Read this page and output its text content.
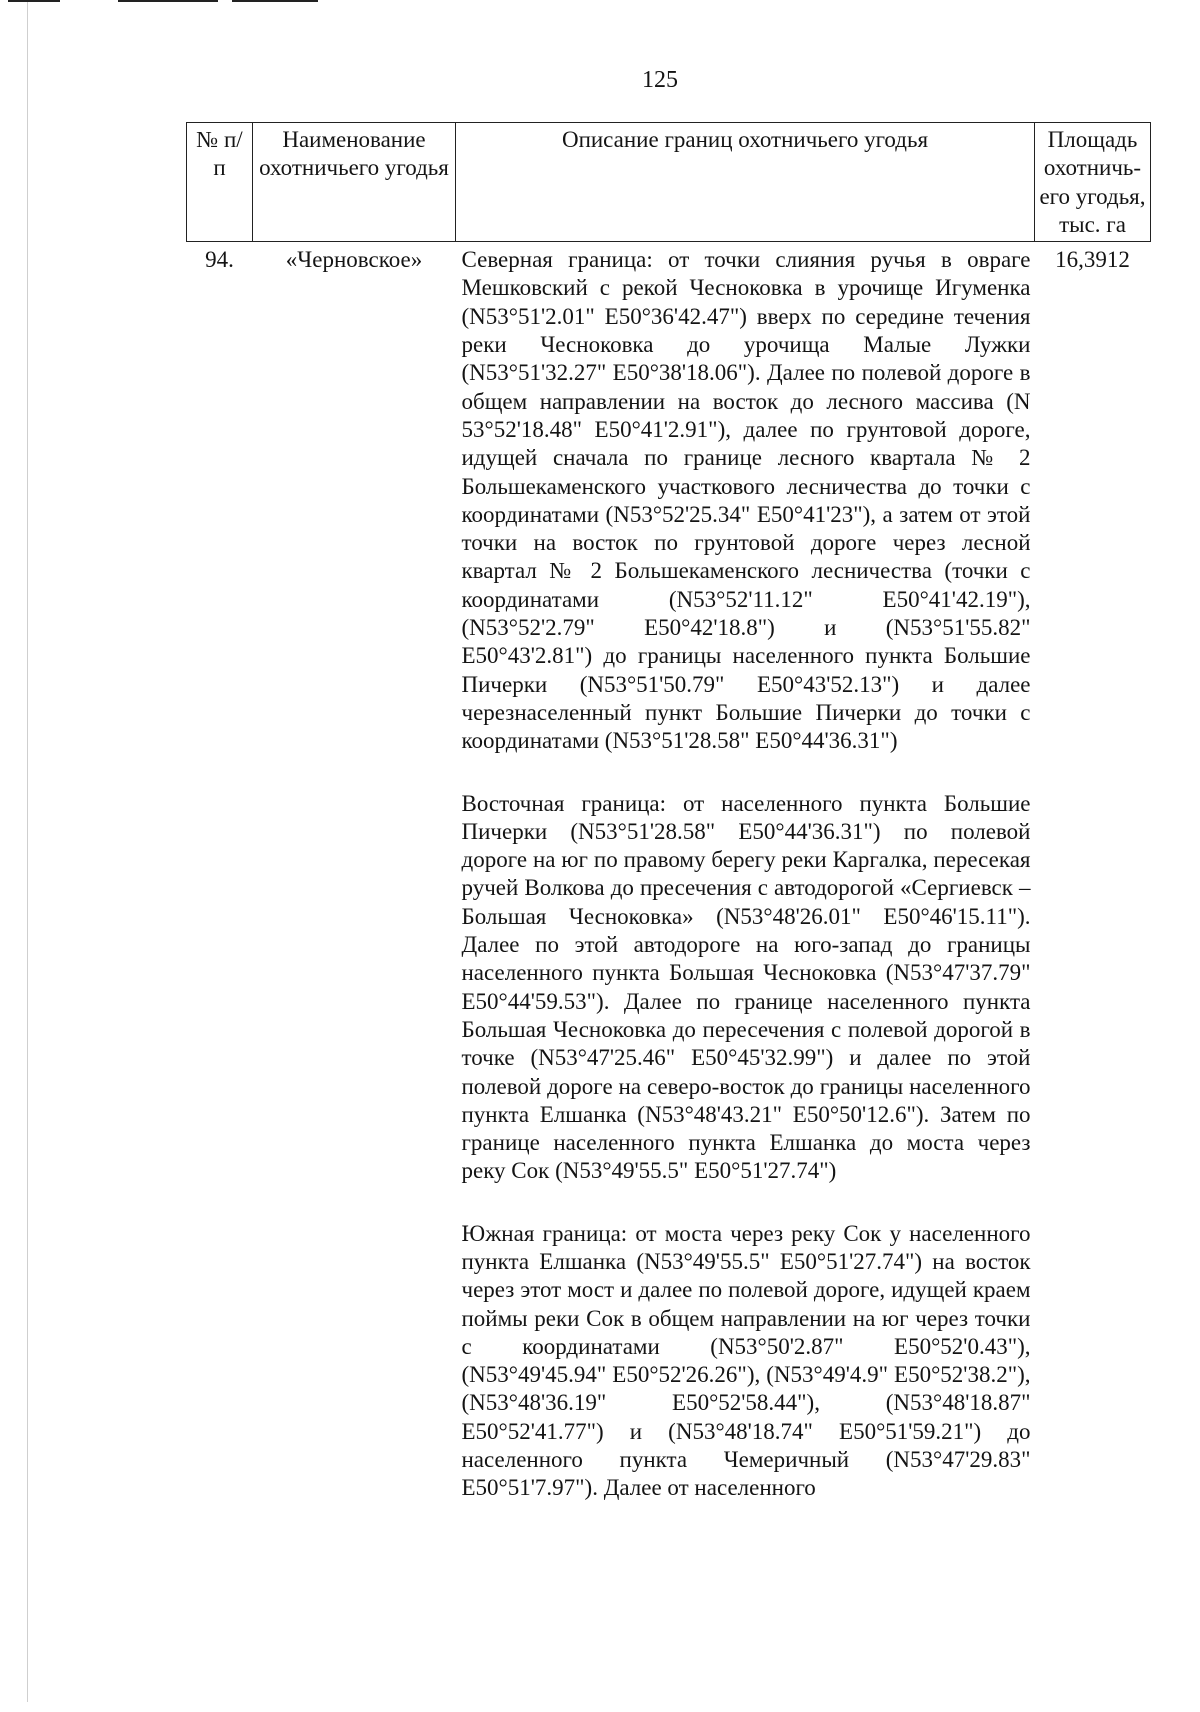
125
№ п/п	Наименование охотничьего угодья	Описание границ охотничьего угодья	Площадь охотничь-его угодья, тыс. га
94.	«Черновское»	Северная граница: от точки слияния ручья в овраге Мешковский с рекой Чесноковка в урочище Игуменка (N53°51'2.01" E50°36'42.47") вверх по середине течения реки Чесноковка до урочища Малые Лужки (N53°51'32.27" E50°38'18.06"). Далее по полевой дороге в общем направлении на восток до лесного массива (N 53°52'18.48" E50°41'2.91"), далее по грунтовой дороге, идущей сначала по границе лесного квартала № 2 Большекаменского участкового лесничества до точки с координатами (N53°52'25.34" E50°41'23"), а затем от этой точки на восток по грунтовой дороге через лесной квартал № 2 Большекаменского лесничества (точки с координатами (N53°52'11.12" E50°41'42.19"), (N53°52'2.79" E50°42'18.8") и (N53°51'55.82" E50°43'2.81") до границы населенного пункта Большие Пичерки (N53°51'50.79" E50°43'52.13") и далее черезнаселенный пункт Большие Пичерки до точки с координатами (N53°51'28.58" E50°44'36.31")

Восточная граница: от населенного пункта Большие Пичерки (N53°51'28.58" E50°44'36.31") по полевой дороге на юг по правому берегу реки Каргалка, пересекая ручей Волкова до пресечения с автодорогой «Сергиевск – Большая Чесноковка» (N53°48'26.01" E50°46'15.11"). Далее по этой автодороге на юго-запад до границы населенного пункта Большая Чесноковка (N53°47'37.79" E50°44'59.53"). Далее по границе населенного пункта Большая Чесноковка до пересечения с полевой дорогой в точке (N53°47'25.46" E50°45'32.99") и далее по этой полевой дороге на северо-восток до границы населенного пункта Елшанка (N53°48'43.21" E50°50'12.6"). Затем по границе населенного пункта Елшанка до моста через реку Сок (N53°49'55.5" E50°51'27.74")

Южная граница: от моста через реку Сок у населенного пункта Елшанка (N53°49'55.5" E50°51'27.74") на восток через этот мост и далее по полевой дороге, идущей краем поймы реки Сок в общем направлении на юг через точки с координатами (N53°50'2.87" E50°52'0.43"), (N53°49'45.94" E50°52'26.26"), (N53°49'4.9" E50°52'38.2"), (N53°48'36.19" E50°52'58.44"), (N53°48'18.87" E50°52'41.77") и (N53°48'18.74" E50°51'59.21") до населенного пункта Чемеричный (N53°47'29.83" E50°51'7.97"). Далее от населенного	16,3912
